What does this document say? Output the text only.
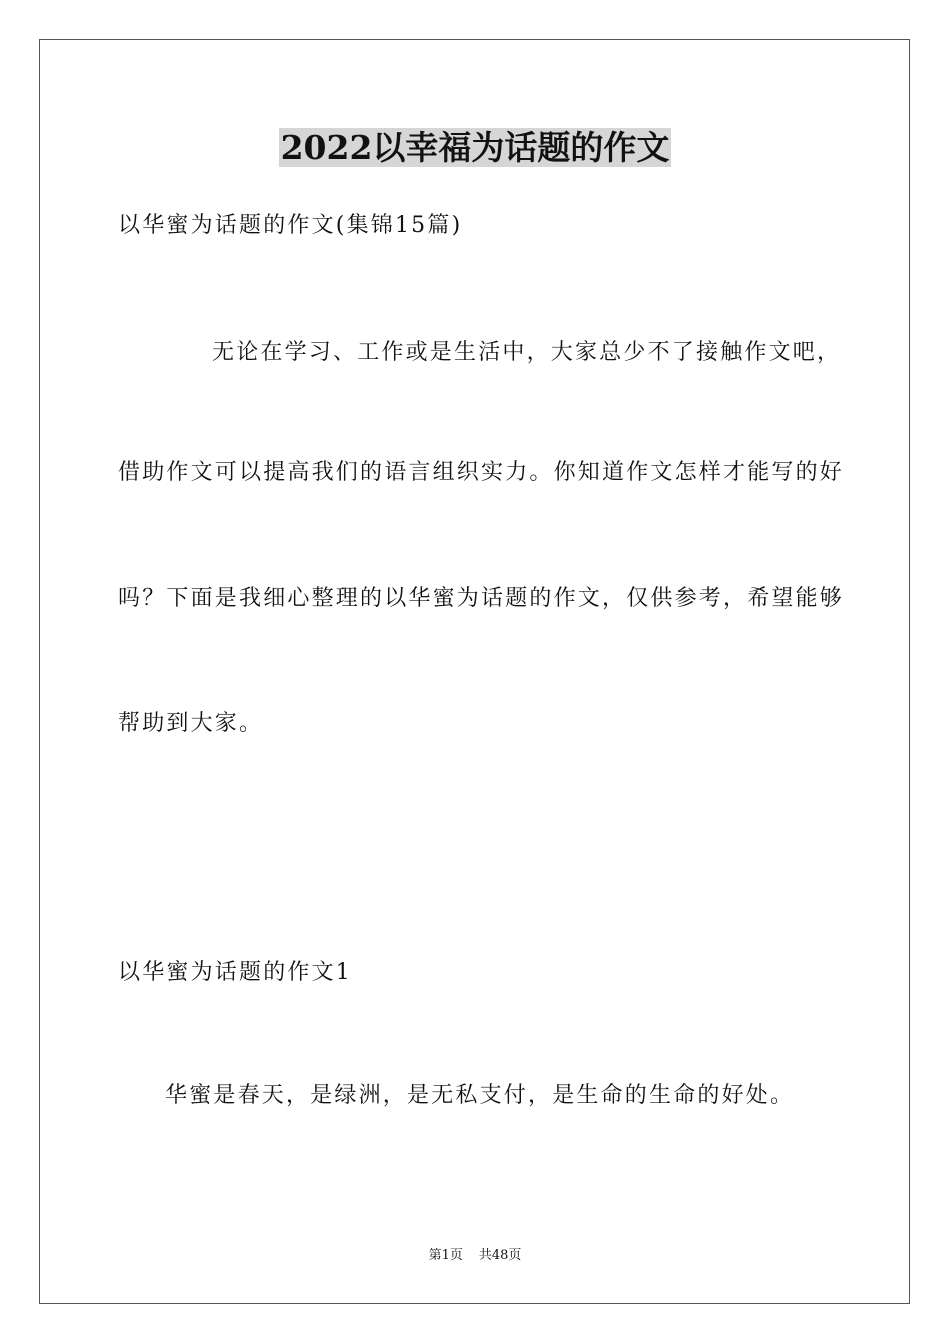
2022以幸福为话题的作文
以华蜜为话题的作文(集锦15篇)
无论在学习、工作或是生活中，大家总少不了接触作文吧，
借助作文可以提高我们的语言组织实力。你知道作文怎样才能写的好
吗？下面是我细心整理的以华蜜为话题的作文，仅供参考，希望能够
帮助到大家。
以华蜜为话题的作文1
华蜜是春天，是绿洲，是无私支付，是生命的生命的好处。
第1页 共48页
